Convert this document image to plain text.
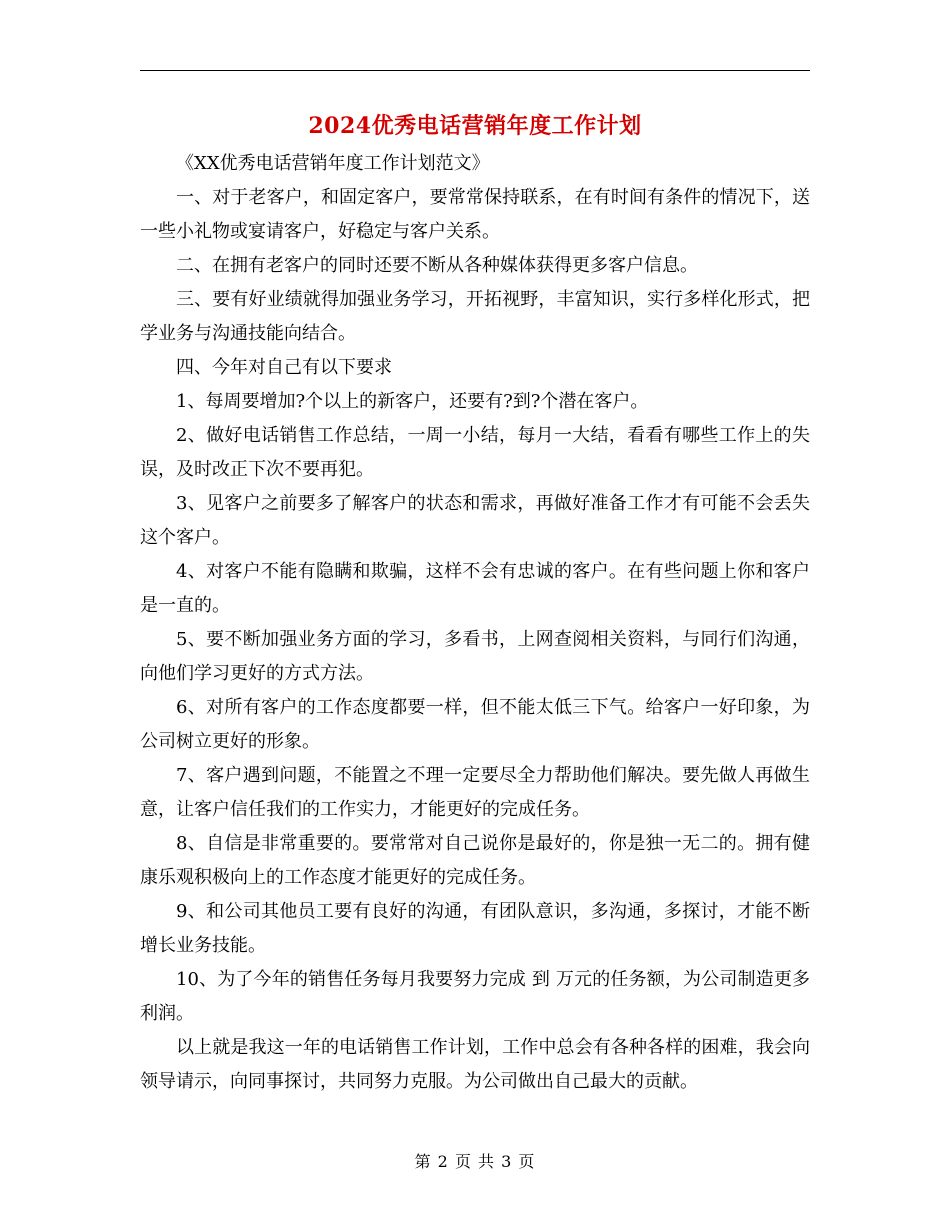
2024优秀电话营销年度工作计划

《XX优秀电话营销年度工作计划范文》

一、对于老客户，和固定客户，要常常保持联系，在有时间有条件的情况下，送一些小礼物或宴请客户，好稳定与客户关系。

二、在拥有老客户的同时还要不断从各种媒体获得更多客户信息。

三、要有好业绩就得加强业务学习，开拓视野，丰富知识，实行多样化形式，把学业务与沟通技能向结合。

四、今年对自己有以下要求

1、每周要增加?个以上的新客户，还要有?到?个潜在客户。

2、做好电话销售工作总结，一周一小结，每月一大结，看看有哪些工作上的失误，及时改正下次不要再犯。

3、见客户之前要多了解客户的状态和需求，再做好准备工作才有可能不会丢失这个客户。

4、对客户不能有隐瞒和欺骗，这样不会有忠诚的客户。在有些问题上你和客户是一直的。

5、要不断加强业务方面的学习，多看书，上网查阅相关资料，与同行们沟通，向他们学习更好的方式方法。

6、对所有客户的工作态度都要一样，但不能太低三下气。给客户一好印象，为公司树立更好的形象。

7、客户遇到问题，不能置之不理一定要尽全力帮助他们解决。要先做人再做生意，让客户信任我们的工作实力，才能更好的完成任务。

8、自信是非常重要的。要常常对自己说你是最好的，你是独一无二的。拥有健康乐观积极向上的工作态度才能更好的完成任务。

9、和公司其他员工要有良好的沟通，有团队意识，多沟通，多探讨，才能不断增长业务技能。

10、为了今年的销售任务每月我要努力完成 到 万元的任务额，为公司制造更多利润。

以上就是我这一年的电话销售工作计划，工作中总会有各种各样的困难，我会向领导请示，向同事探讨，共同努力克服。为公司做出自己最大的贡献。

第 2 页 共 3 页
